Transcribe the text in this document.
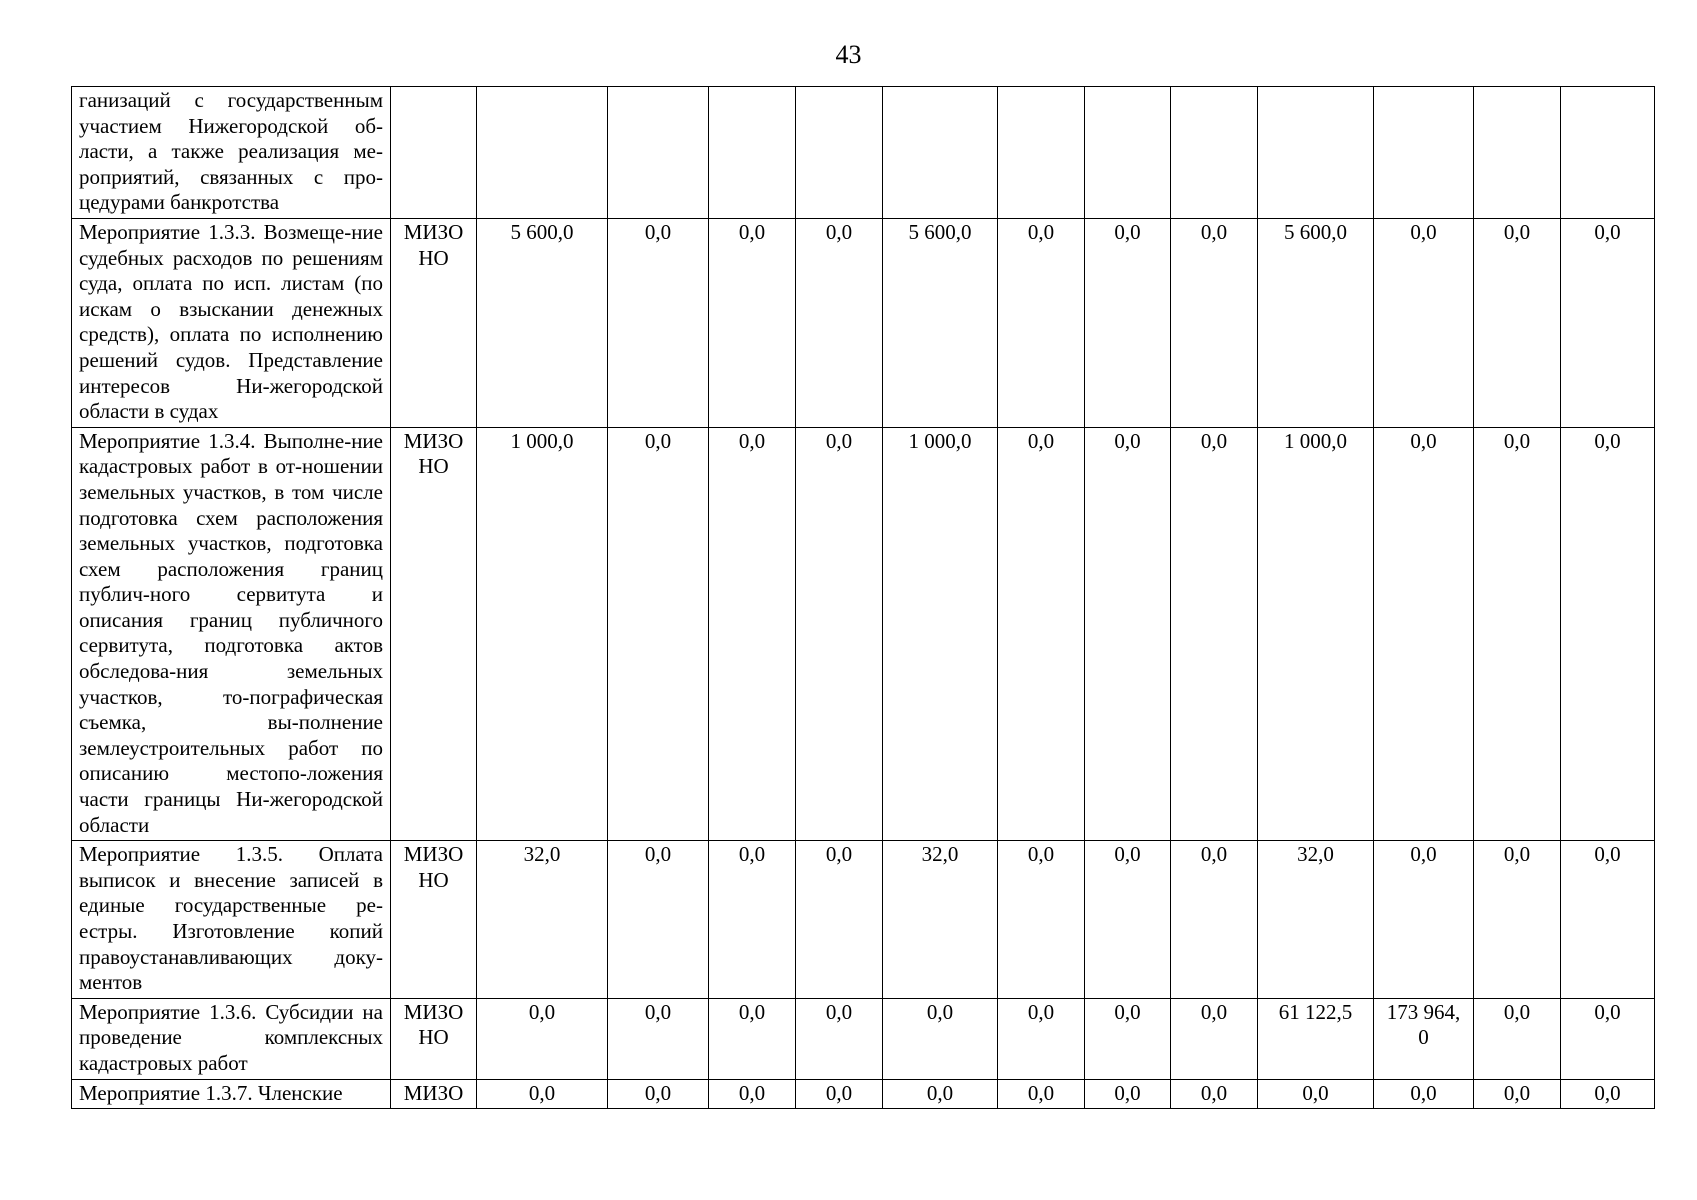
43
ганизаций с государственным участием Нижегородской об-ласти, а также реализация ме-роприятий, связанных с про-цедурами банкротства													
Мероприятие 1.3.3. Возмеще-ние судебных расходов по решениям суда, оплата по исп. листам (по искам о взыскании денежных средств), оплата по исполнению решений судов. Представление интересов Ни-жегородской области в судах	МИЗО НО	5 600,0	0,0	0,0	0,0	5 600,0	0,0	0,0	0,0	5 600,0	0,0	0,0	0,0
Мероприятие 1.3.4. Выполне-ние кадастровых работ в от-ношении земельных участков, в том числе подготовка схем расположения земельных участков, подготовка схем расположения границ публич-ного сервитута и описания границ публичного сервитута, подготовка актов обследова-ния земельных участков, то-пографическая съемка, вы-полнение землеустроительных работ по описанию местопо-ложения части границы Ни-жегородской области	МИЗО НО	1 000,0	0,0	0,0	0,0	1 000,0	0,0	0,0	0,0	1 000,0	0,0	0,0	0,0
Мероприятие 1.3.5. Оплата выписок и внесение записей в единые государственные ре-естры. Изготовление копий правоустанавливающих доку-ментов	МИЗО НО	32,0	0,0	0,0	0,0	32,0	0,0	0,0	0,0	32,0	0,0	0,0	0,0
Мероприятие 1.3.6. Субсидии на проведение комплексных кадастровых работ	МИЗО НО	0,0	0,0	0,0	0,0	0,0	0,0	0,0	0,0	61 122,5	173 964, 0	0,0	0,0
Мероприятие 1.3.7. Членские	МИЗО	0,0	0,0	0,0	0,0	0,0	0,0	0,0	0,0	0,0	0,0	0,0	0,0
